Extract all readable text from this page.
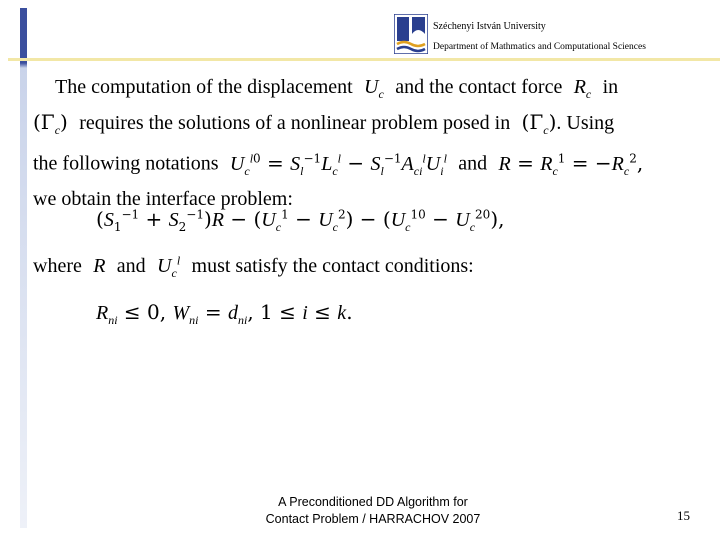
Széchenyi István University
Department of Mathmatics and Computational Sciences
The computation of the displacement $U_c$ and the contact force $R_c$ in
$(\Gamma_c)$  requires the solutions of a nonlinear problem posed in  $(\Gamma_c)$. Using
the following notations $U_c^{l0} = S_l^{-1}L_c^l - S_l^{-1}A_{ci}^lU_i^l$ and $R = R_c^1 = -R_c^2$,
we obtain the interface problem:
$(S_1^{-1} + S_2^{-1})R - (U_c^1 - U_c^2) - (U_c^{10} - U_c^{20})$,
where R and $U_c^l$ must satisfy the contact conditions:
$R_{ni} \le 0$, $W_{ni} = d_{ni}$, 1 ≤ i ≤ k.
A Preconditioned DD Algorithm for Contact Problem / HARRACHOV 2007	15
